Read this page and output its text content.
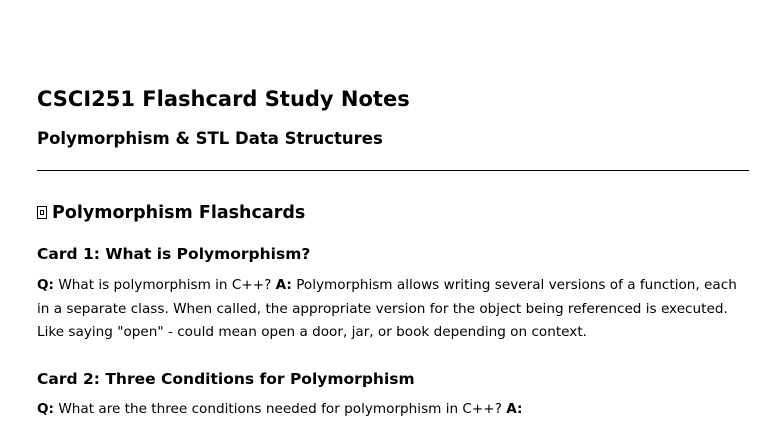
CSCI251 Flashcard Study Notes
Polymorphism & STL Data Structures
Polymorphism Flashcards
Card 1: What is Polymorphism?

Q: What is polymorphism in C++? A: Polymorphism allows writing several versions of a function, each in a separate class. When called, the appropriate version for the object being referenced is executed. Like saying "open" - could mean open a door, jar, or book depending on context.

Card 2: Three Conditions for Polymorphism

Q: What are the three conditions needed for polymorphism in C++? A:
